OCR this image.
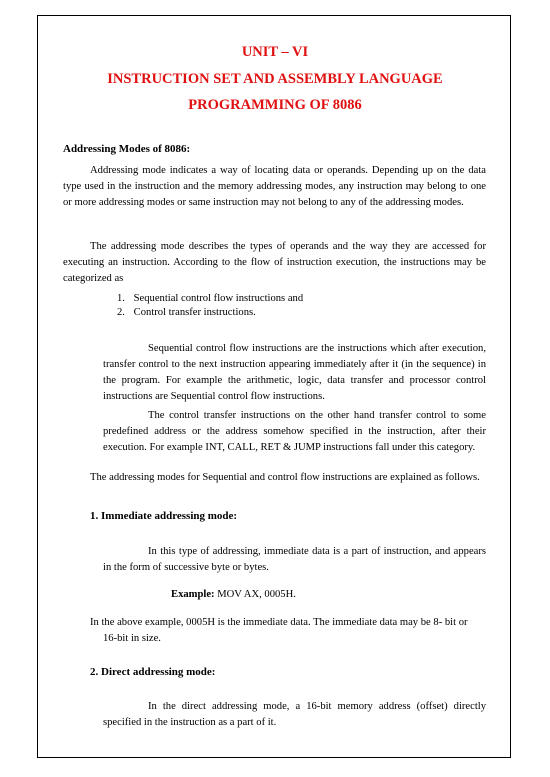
UNIT – VI
INSTRUCTION SET AND ASSEMBLY LANGUAGE
PROGRAMMING OF 8086
Addressing Modes of 8086:

Addressing mode indicates a way of locating data or operands. Depending up on the data type used in the instruction and the memory addressing modes, any instruction may belong to one or more addressing modes or same instruction may not belong to any of the addressing modes.

The addressing mode describes the types of operands and the way they are accessed for executing an instruction. According to the flow of instruction execution, the instructions may be categorized as

1. Sequential control flow instructions and
2. Control transfer instructions.

Sequential control flow instructions are the instructions which after execution, transfer control to the next instruction appearing immediately after it (in the sequence) in the program. For example the arithmetic, logic, data transfer and processor control instructions are Sequential control flow instructions.

The control transfer instructions on the other hand transfer control to some predefined address or the address somehow specified in the instruction, after their execution. For example INT, CALL, RET & JUMP instructions fall under this category.

The addressing modes for Sequential and control flow instructions are explained as follows.

1. Immediate addressing mode:

In this type of addressing, immediate data is a part of instruction, and appears in the form of successive byte or bytes.

Example: MOV AX, 0005H.
In the above example, 0005H is the immediate data. The immediate data may be 8- bit or
16-bit in size.
2. Direct addressing mode:

In the direct addressing mode, a 16-bit memory address (offset) directly specified in the instruction as a part of it.
